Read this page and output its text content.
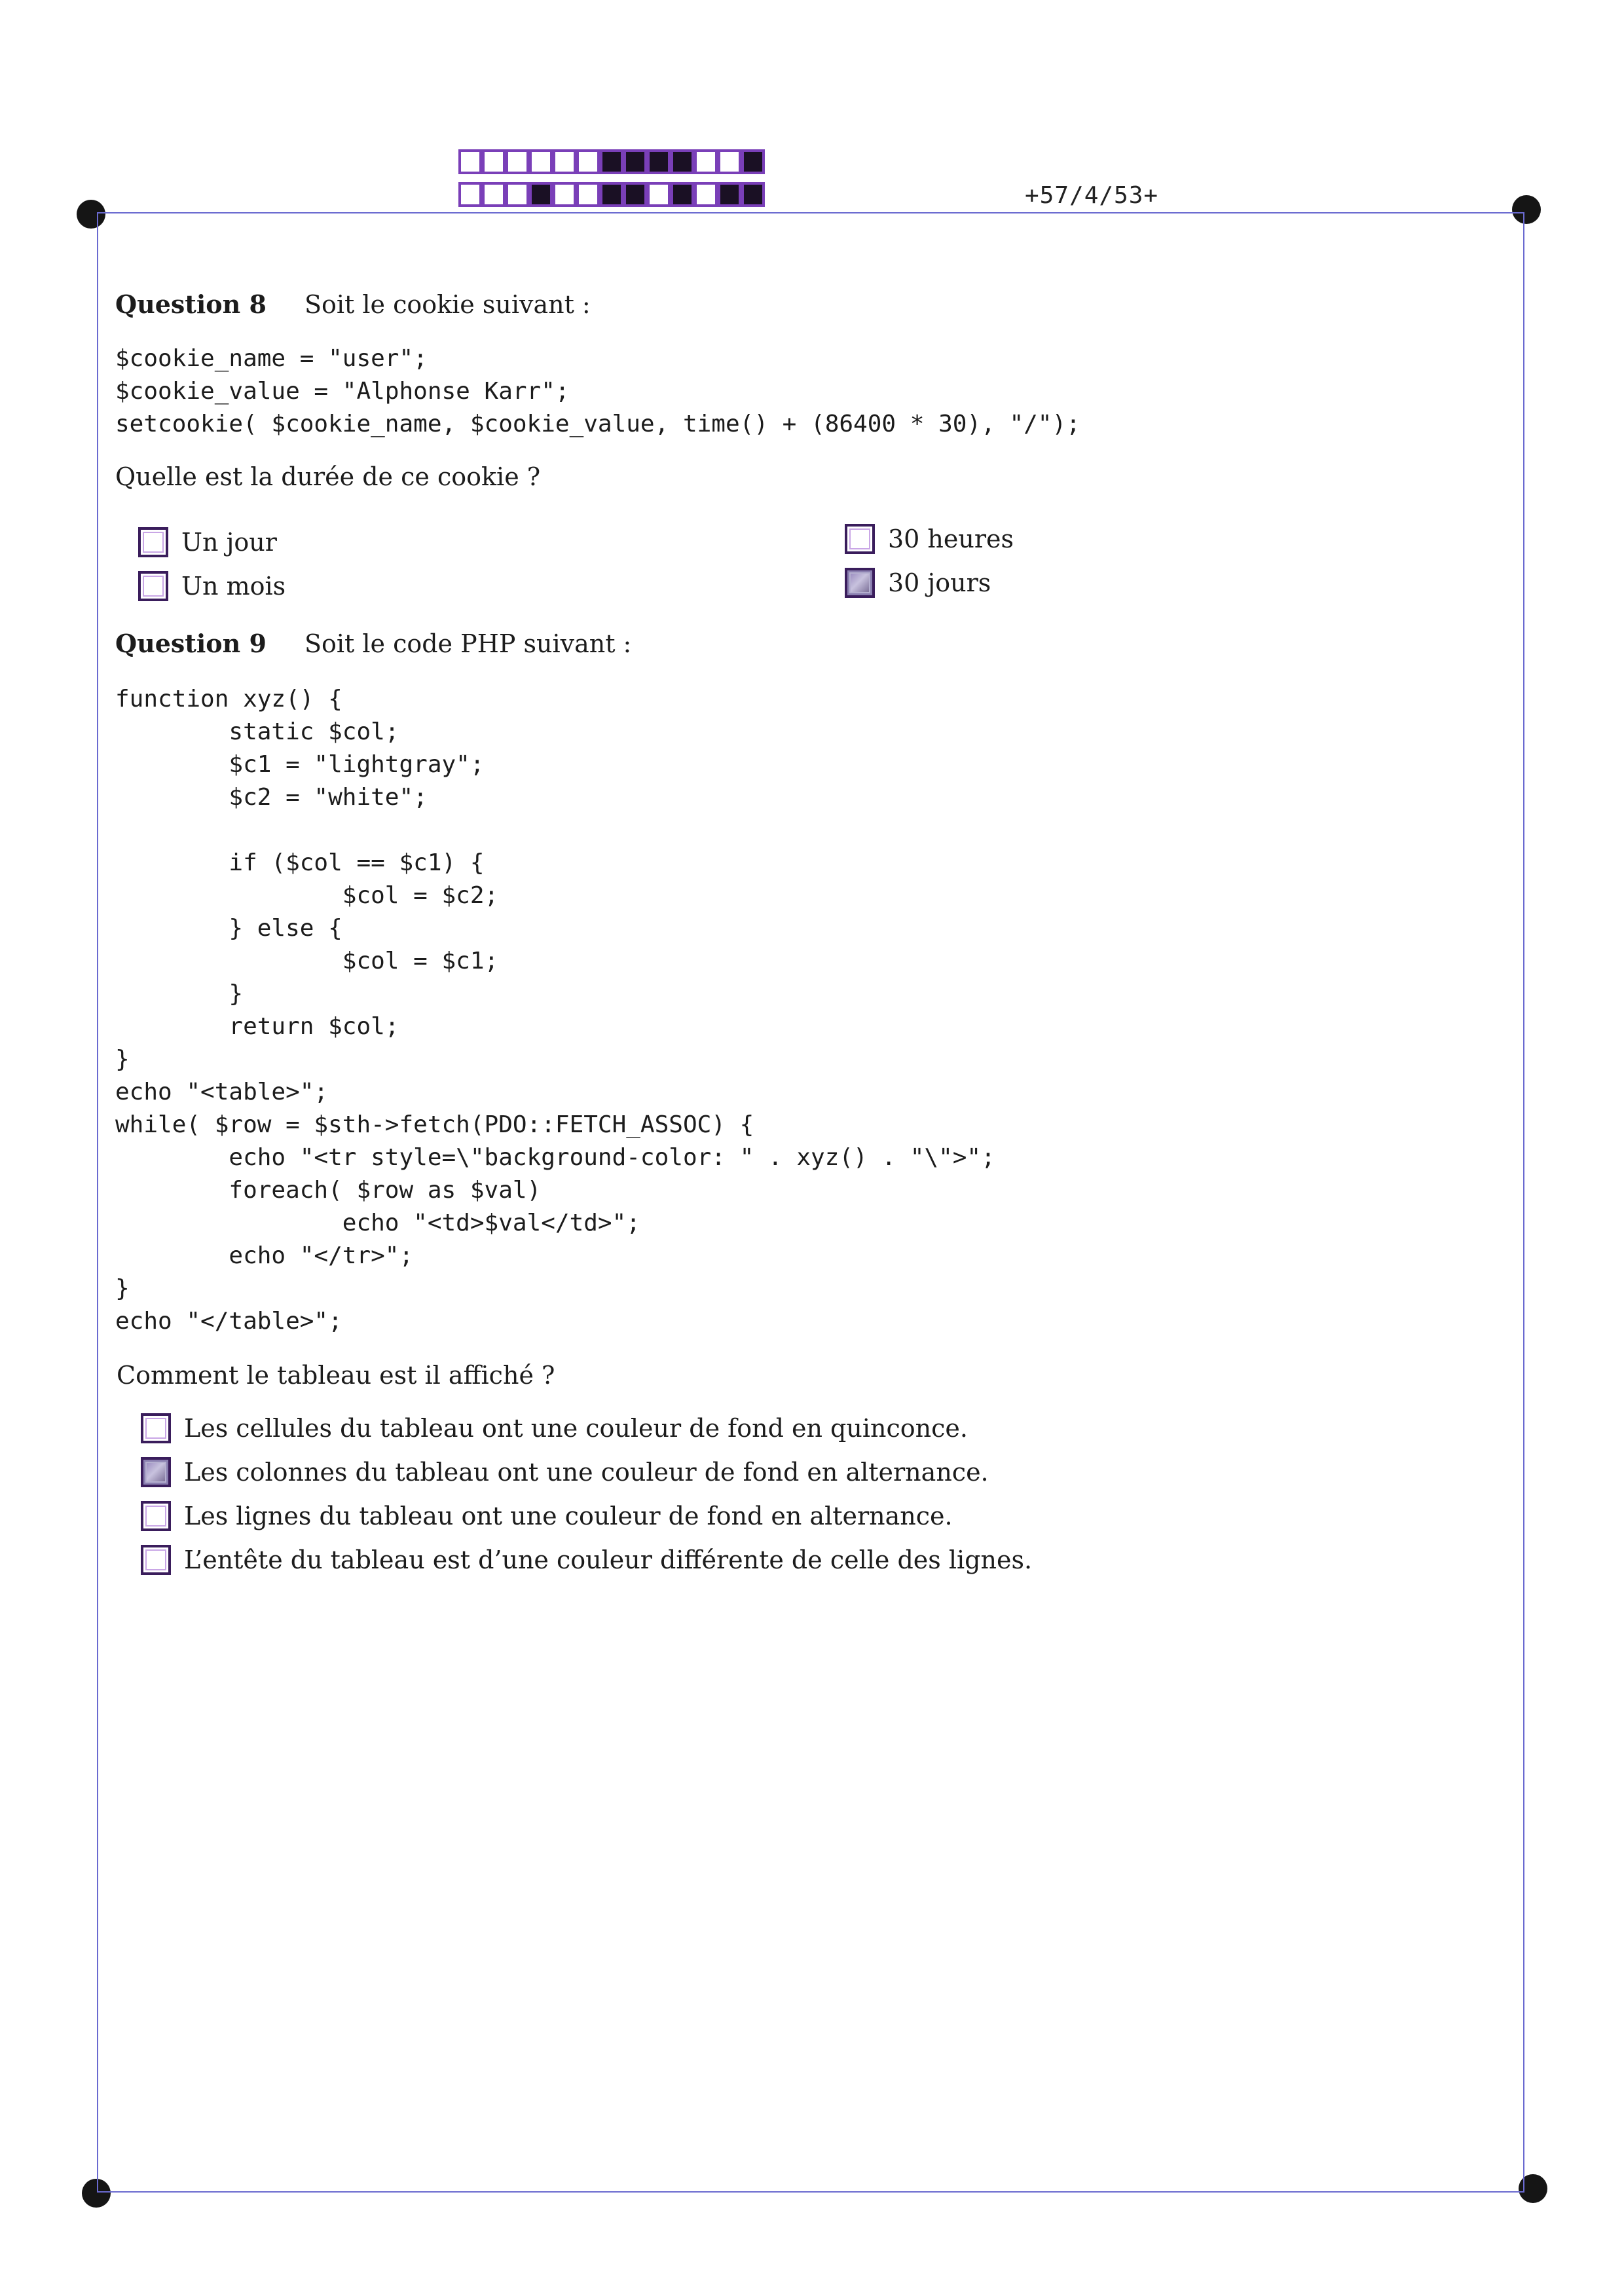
+57/4/53+
Question 8 Soit le cookie suivant :
$cookie_name = "user";
$cookie_value = "Alphonse Karr";
setcookie( $cookie_name, $cookie_value, time() + (86400 * 30), "/");
Quelle est la durée de ce cookie ?
Un jour
Un mois
30 heures
30 jours
Question 9 Soit le code PHP suivant :
function xyz() {
static $col;
$c1 = "lightgray";
$c2 = "white";

if ($col == $c1) {
$col = $c2;
} else {
$col = $c1;
}
return $col;
}
echo "<table>";
while( $row = $sth->fetch(PDO::FETCH_ASSOC) {
echo "<tr style=\"background-color: " . xyz() . "\">";
foreach( $row as $val)
echo "<td>$val</td>";
echo "</tr>";
}
echo "</table>";
Comment le tableau est il affiché ?
Les cellules du tableau ont une couleur de fond en quinconce.
Les colonnes du tableau ont une couleur de fond en alternance.
Les lignes du tableau ont une couleur de fond en alternance.
L’entête du tableau est d’une couleur différente de celle des lignes.
